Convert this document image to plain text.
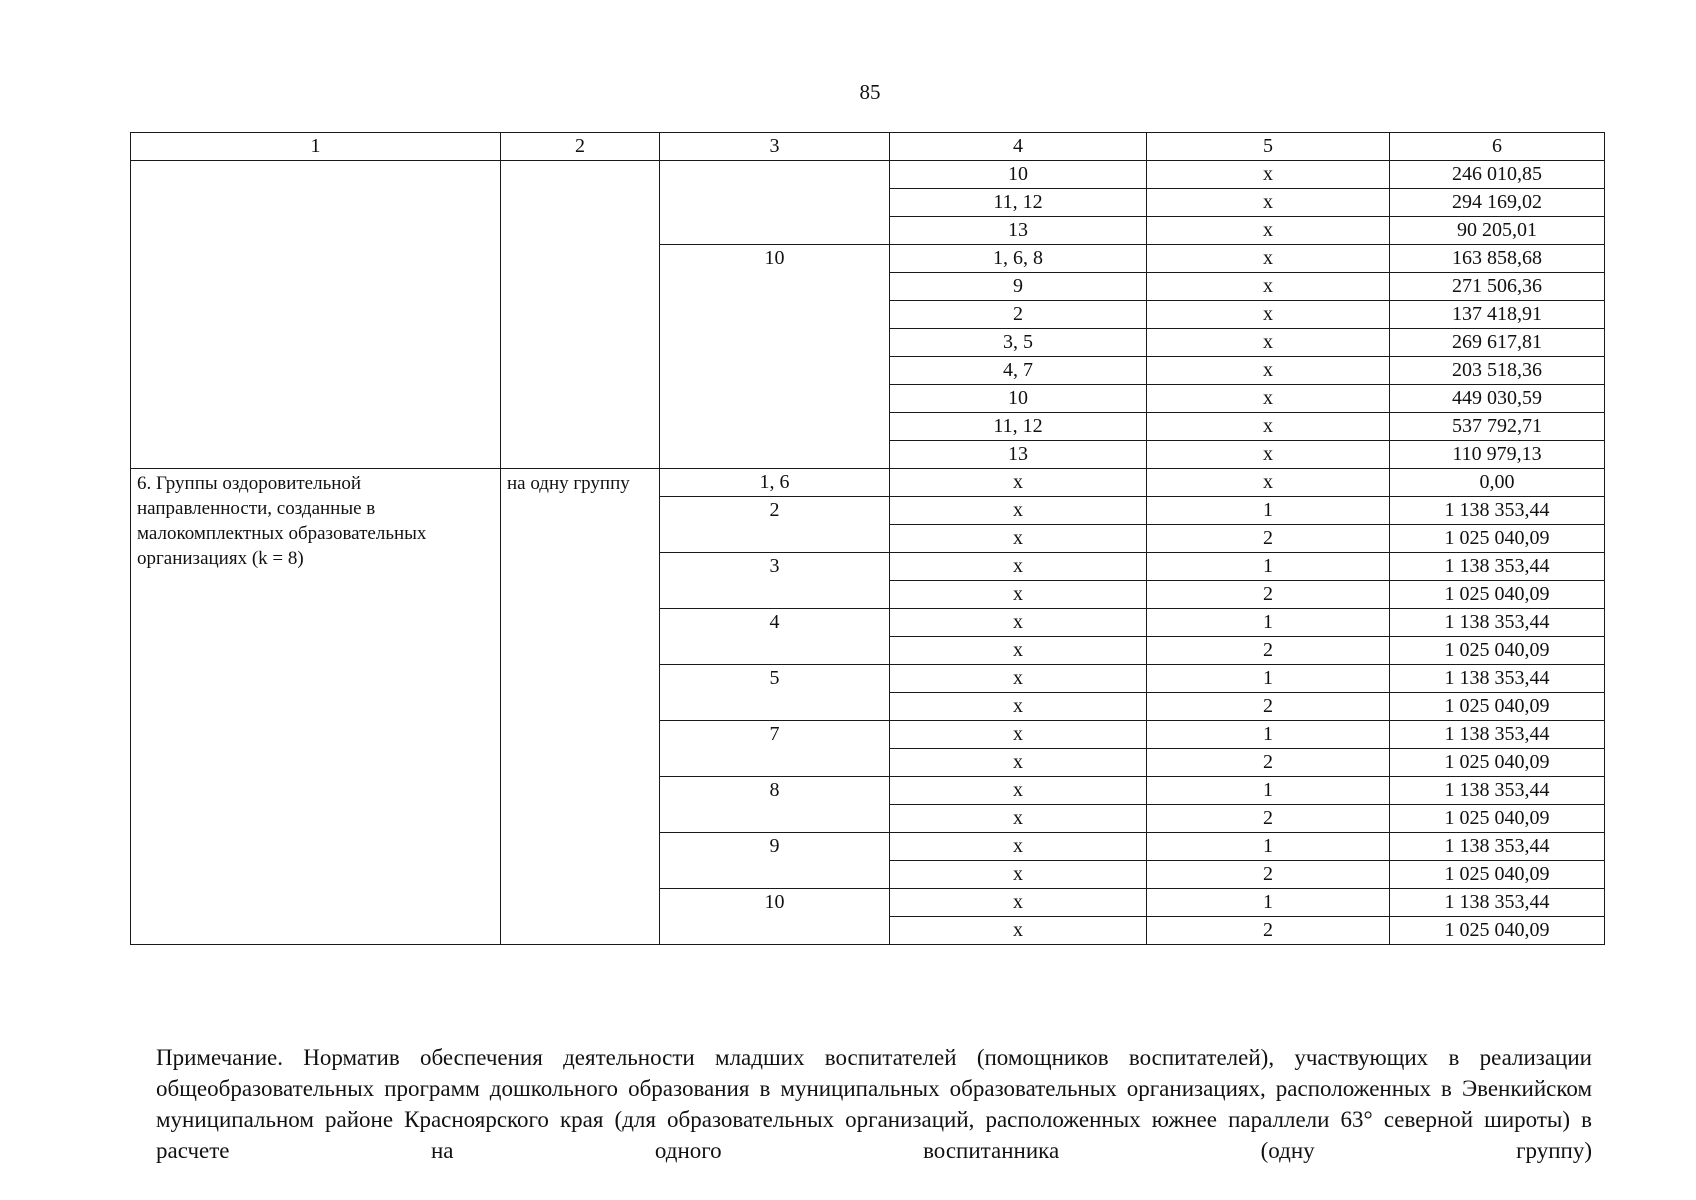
85
1	2	3	4	5	6
			10	х	246 010,85
			11, 12	х	294 169,02
			13	х	90 205,01
		10	1, 6, 8	х	163 858,68
			9	х	271 506,36
			2	х	137 418,91
			3, 5	х	269 617,81
			4, 7	х	203 518,36
			10	х	449 030,59
			11, 12	х	537 792,71
			13	х	110 979,13
6. Группы оздоровительной направленности, созданные в малокомплектных образовательных организациях (k = 8)	на одну группу	1, 6	х	х	0,00
		2	х	1	1 138 353,44
			х	2	1 025 040,09
		3	х	1	1 138 353,44
			х	2	1 025 040,09
		4	х	1	1 138 353,44
			х	2	1 025 040,09
		5	х	1	1 138 353,44
			х	2	1 025 040,09
		7	х	1	1 138 353,44
			х	2	1 025 040,09
		8	х	1	1 138 353,44
			х	2	1 025 040,09
		9	х	1	1 138 353,44
			х	2	1 025 040,09
		10	х	1	1 138 353,44
			х	2	1 025 040,09
Примечание. Норматив обеспечения деятельности младших воспитателей (помощников воспитателей), участвующих в реализации общеобразовательных программ дошкольного образования в муниципальных образовательных организациях, расположенных в Эвенкийском муниципальном районе Красноярского края (для образовательных организаций, расположенных южнее параллели 63° северной широты) в расчете на одного воспитанника (одну группу)
